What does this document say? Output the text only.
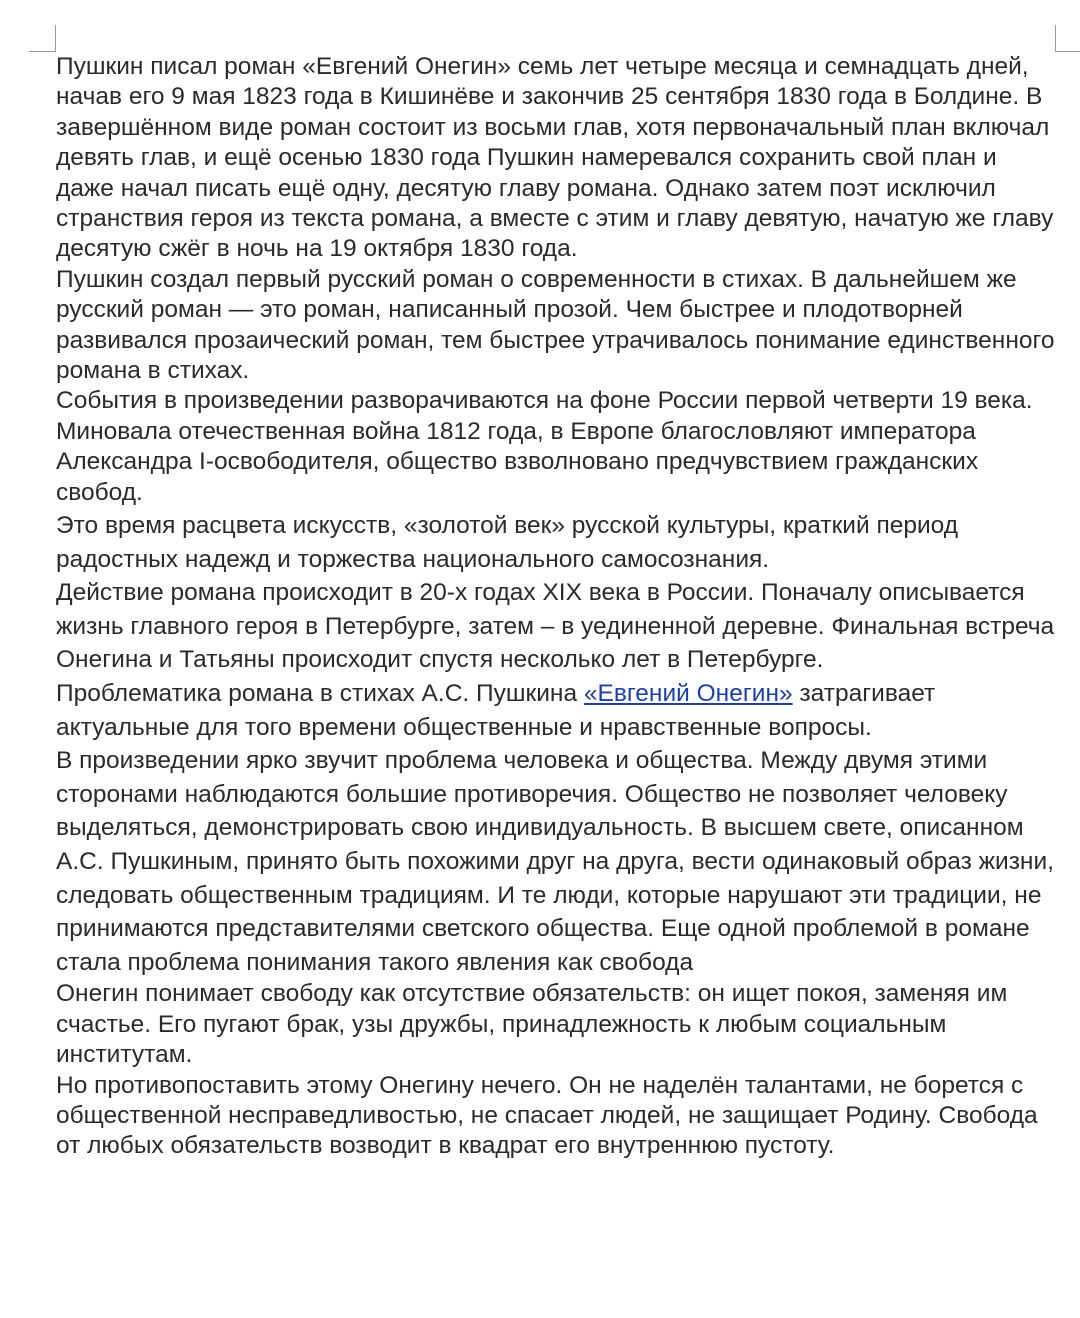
Пушкин писал роман «Евгений Онегин» семь лет четыре месяца и семнадцать дней, начав его 9 мая 1823 года в Кишинёве и закончив 25 сентября 1830 года в Болдине. В завершённом виде роман состоит из восьми глав, хотя первоначальный план включал девять глав, и ещё осенью 1830 года Пушкин намеревался сохранить свой план и даже начал писать ещё одну, десятую главу романа. Однако затем поэт исключил странствия героя из текста романа, а вместе с этим и главу девятую, начатую же главу десятую сжёг в ночь на 19 октября 1830 года.

Пушкин создал первый русский роман о современности в стихах. В дальнейшем же русский роман — это роман, написанный прозой. Чем быстрее и плодотворней развивался прозаический роман, тем быстрее утрачивалось понимание единственного романа в стихах.

События в произведении разворачиваются на фоне России первой четверти 19 века. Миновала отечественная война 1812 года, в Европе благословляют императора Александра I-освободителя, общество взволновано предчувствием гражданских свобод.

Это время расцвета искусств, «золотой век» русской культуры, краткий период радостных надежд и торжества национального самосознания.

Действие романа происходит в 20-х годах XIX века в России. Поначалу описывается жизнь главного героя в Петербурге, затем – в уединенной деревне. Финальная встреча Онегина и Татьяны происходит спустя несколько лет в Петербурге.

Проблематика романа в стихах А.С. Пушкина «Евгений Онегин» затрагивает актуальные для того времени общественные и нравственные вопросы.

В произведении ярко звучит проблема человека и общества. Между двумя этими сторонами наблюдаются большие противоречия. Общество не позволяет человеку выделяться, демонстрировать свою индивидуальность. В высшем свете, описанном А.С. Пушкиным, принято быть похожими друг на друга, вести одинаковый образ жизни, следовать общественным традициям. И те люди, которые нарушают эти традиции, не принимаются представителями светского общества. Еще одной проблемой в романе стала проблема понимания такого явления как свобода

Онегин понимает свободу как отсутствие обязательств: он ищет покоя, заменяя им счастье. Его пугают брак, узы дружбы, принадлежность к любым социальным институтам.

Но противопоставить этому Онегину нечего. Он не наделён талантами, не борется с общественной несправедливостью, не спасает людей, не защищает Родину. Свобода от любых обязательств возводит в квадрат его внутреннюю пустоту.
